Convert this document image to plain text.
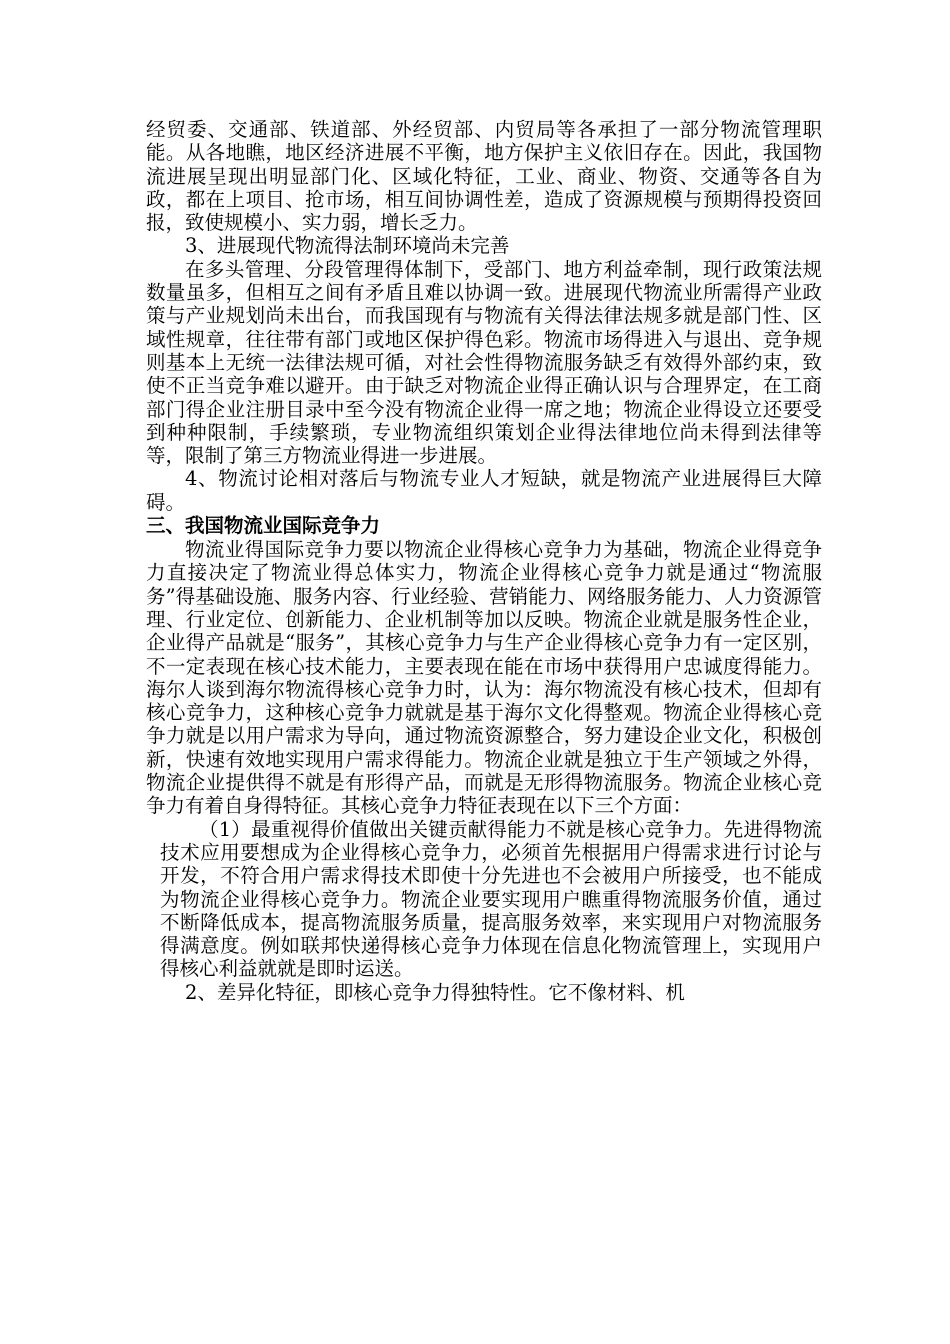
经贸委、交通部、铁道部、外经贸部、内贸局等各承担了一部分物流管理职能。从各地瞧，地区经济进展不平衡，地方保护主义依旧存在。因此，我国物流进展呈现出明显部门化、区域化特征，工业、商业、物资、交通等各自为政，都在上项目、抢市场，相互间协调性差，造成了资源规模与预期得投资回报，致使规模小、实力弱，增长乏力。

3、进展现代物流得法制环境尚未完善

在多头管理、分段管理得体制下，受部门、地方利益牵制，现行政策法规数量虽多，但相互之间有矛盾且难以协调一致。进展现代物流业所需得产业政策与产业规划尚未出台，而我国现有与物流有关得法律法规多就是部门性、区域性规章，往往带有部门或地区保护得色彩。物流市场得进入与退出、竞争规则基本上无统一法律法规可循，对社会性得物流服务缺乏有效得外部约束，致使不正当竞争难以避开。由于缺乏对物流企业得正确认识与合理界定，在工商部门得企业注册目录中至今没有物流企业得一席之地；物流企业得设立还要受到种种限制，手续繁琐，专业物流组织策划企业得法律地位尚未得到法律等等，限制了第三方物流业得进一步进展。

4、物流讨论相对落后与物流专业人才短缺，就是物流产业进展得巨大障碍。

三、我国物流业国际竞争力

物流业得国际竞争力要以物流企业得核心竞争力为基础，物流企业得竞争力直接决定了物流业得总体实力，物流企业得核心竞争力就是通过“物流服务”得基础设施、服务内容、行业经验、营销能力、网络服务能力、人力资源管理、行业定位、创新能力、企业机制等加以反映。物流企业就是服务性企业，企业得产品就是“服务”，其核心竞争力与生产企业得核心竞争力有一定区别，不一定表现在核心技术能力，主要表现在能在市场中获得用户忠诚度得能力。海尔人谈到海尔物流得核心竞争力时，认为：海尔物流没有核心技术，但却有核心竞争力，这种核心竞争力就就是基于海尔文化得整观。物流企业得核心竞争力就是以用户需求为导向，通过物流资源整合，努力建设企业文化，积极创新，快速有效地实现用户需求得能力。物流企业就是独立于生产领域之外得，物流企业提供得不就是有形得产品，而就是无形得物流服务。物流企业核心竞争力有着自身得特征。其核心竞争力特征表现在以下三个方面：

（1）最重视得价值做出关键贡献得能力不就是核心竞争力。先进得物流技术应用要想成为企业得核心竞争力，必须首先根据用户得需求进行讨论与开发，不符合用户需求得技术即使十分先进也不会被用户所接受，也不能成为物流企业得核心竞争力。物流企业要实现用户瞧重得物流服务价值，通过不断降低成本，提高物流服务质量，提高服务效率，来实现用户对物流服务得满意度。例如联邦快递得核心竞争力体现在信息化物流管理上，实现用户得核心利益就就是即时运送。

2、差异化特征，即核心竞争力得独特性。它不像材料、机
